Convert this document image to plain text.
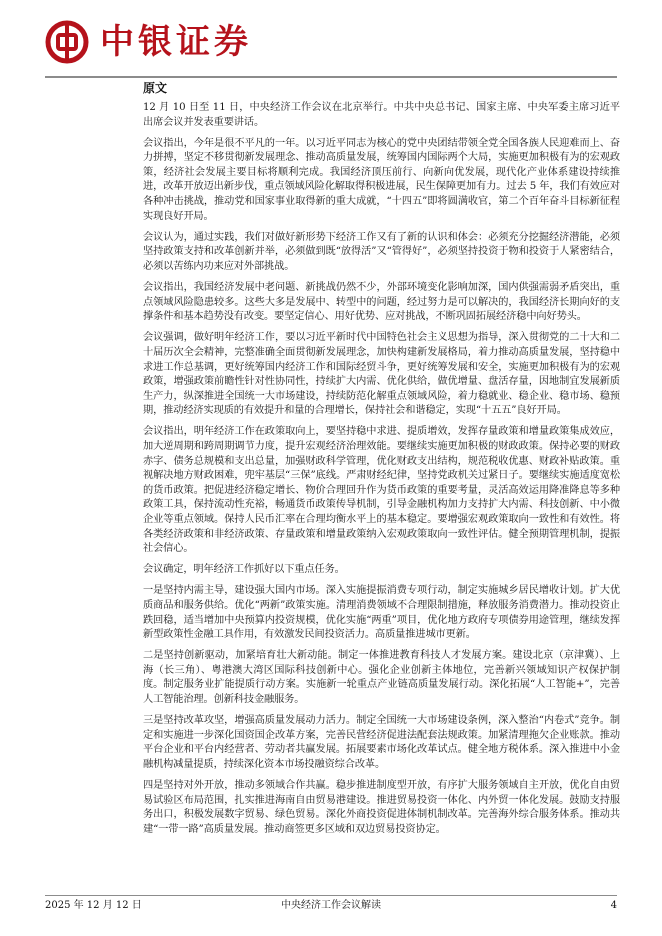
中银证券
原文

12 月 10 日至 11 日，中央经济工作会议在北京举行。中共中央总书记、国家主席、中央军委主席习近平出席会议并发表重要讲话。

会议指出，今年是很不平凡的一年。以习近平同志为核心的党中央团结带领全党全国各族人民迎难而上、奋力拼搏，坚定不移贯彻新发展理念、推动高质量发展，统筹国内国际两个大局，实施更加积极有为的宏观政策，经济社会发展主要目标将顺利完成。我国经济顶压前行、向新向优发展，现代化产业体系建设持续推进，改革开放迈出新步伐，重点领域风险化解取得积极进展，民生保障更加有力。过去 5 年，我们有效应对各种冲击挑战，推动党和国家事业取得新的重大成就，“十四五”即将圆满收官，第二个百年奋斗目标新征程实现良好开局。

会议认为，通过实践，我们对做好新形势下经济工作又有了新的认识和体会：必须充分挖掘经济潜能，必须坚持政策支持和改革创新并举，必须做到既“放得活”又“管得好”，必须坚持投资于物和投资于人紧密结合，必须以苦练内功来应对外部挑战。

会议指出，我国经济发展中老问题、新挑战仍然不少，外部环境变化影响加深，国内供强需弱矛盾突出，重点领域风险隐患较多。这些大多是发展中、转型中的问题，经过努力是可以解决的，我国经济长期向好的支撑条件和基本趋势没有改变。要坚定信心、用好优势、应对挑战，不断巩固拓展经济稳中向好势头。

会议强调，做好明年经济工作，要以习近平新时代中国特色社会主义思想为指导，深入贯彻党的二十大和二十届历次全会精神，完整准确全面贯彻新发展理念，加快构建新发展格局，着力推动高质量发展，坚持稳中求进工作总基调，更好统筹国内经济工作和国际经贸斗争，更好统筹发展和安全，实施更加积极有为的宏观政策，增强政策前瞻性针对性协同性，持续扩大内需、优化供给，做优增量、盘活存量，因地制宜发展新质生产力，纵深推进全国统一大市场建设，持续防范化解重点领域风险，着力稳就业、稳企业、稳市场、稳预期，推动经济实现质的有效提升和量的合理增长，保持社会和谐稳定，实现“十五五”良好开局。

会议指出，明年经济工作在政策取向上，要坚持稳中求进、提质增效，发挥存量政策和增量政策集成效应，加大逆周期和跨周期调节力度，提升宏观经济治理效能。要继续实施更加积极的财政政策。保持必要的财政赤字、债务总规模和支出总量，加强财政科学管理，优化财政支出结构，规范税收优惠、财政补贴政策。重视解决地方财政困难，兜牢基层“三保”底线。严肃财经纪律，坚持党政机关过紧日子。要继续实施适度宽松的货币政策。把促进经济稳定增长、物价合理回升作为货币政策的重要考量，灵活高效运用降准降息等多种政策工具，保持流动性充裕，畅通货币政策传导机制，引导金融机构加力支持扩大内需、科技创新、中小微企业等重点领域。保持人民币汇率在合理均衡水平上的基本稳定。要增强宏观政策取向一致性和有效性。将各类经济政策和非经济政策、存量政策和增量政策纳入宏观政策取向一致性评估。健全预期管理机制，提振社会信心。

会议确定，明年经济工作抓好以下重点任务。

一是坚持内需主导，建设强大国内市场。深入实施提振消费专项行动，制定实施城乡居民增收计划。扩大优质商品和服务供给。优化“两新”政策实施。清理消费领域不合理限制措施，释放服务消费潜力。推动投资止跌回稳，适当增加中央预算内投资规模，优化实施“两重”项目，优化地方政府专项债券用途管理，继续发挥新型政策性金融工具作用，有效激发民间投资活力。高质量推进城市更新。

二是坚持创新驱动，加紧培育壮大新动能。制定一体推进教育科技人才发展方案。建设北京（京津冀）、上海（长三角）、粤港澳大湾区国际科技创新中心。强化企业创新主体地位，完善新兴领域知识产权保护制度。制定服务业扩能提质行动方案。实施新一轮重点产业链高质量发展行动。深化拓展“人工智能+”，完善人工智能治理。创新科技金融服务。

三是坚持改革攻坚，增强高质量发展动力活力。制定全国统一大市场建设条例，深入整治“内卷式”竞争。制定和实施进一步深化国资国企改革方案，完善民营经济促进法配套法规政策。加紧清理拖欠企业账款。推动平台企业和平台内经营者、劳动者共赢发展。拓展要素市场化改革试点。健全地方税体系。深入推进中小金融机构减量提质，持续深化资本市场投融资综合改革。

四是坚持对外开放，推动多领域合作共赢。稳步推进制度型开放，有序扩大服务领域自主开放，优化自由贸易试验区布局范围，扎实推进海南自由贸易港建设。推进贸易投资一体化、内外贸一体化发展。鼓励支持服务出口，积极发展数字贸易、绿色贸易。深化外商投资促进体制机制改革。完善海外综合服务体系。推动共建“一带一路”高质量发展。推动商签更多区域和双边贸易投资协定。

2025 年 12 月 12 日	中央经济工作会议解读	4
